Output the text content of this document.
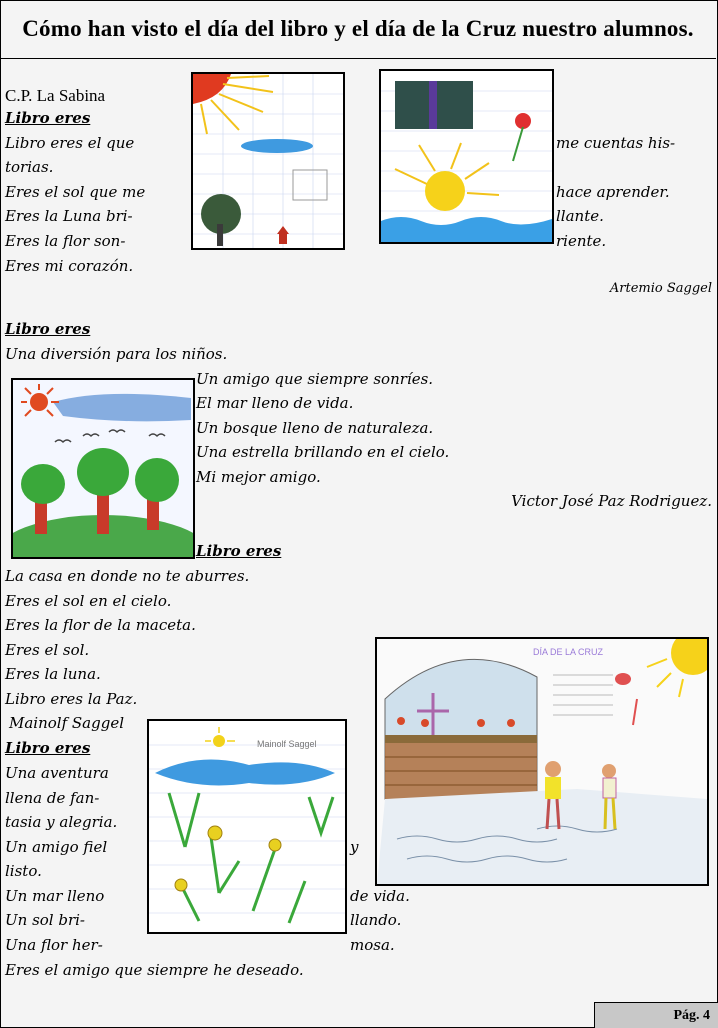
Cómo han visto el día del libro y el día de la Cruz nuestro alumnos.
C.P. La Sabina
Libro eres
Libro eres el que
torias.
Eres el sol que me
Eres la Luna bri-
Eres la flor son-
Eres mi corazón.
me cuentas his-
hace aprender.
llante.
riente.
Artemio Saggel
Libro eres
Una diversión para los niños.
Un amigo que siempre sonríes.
El mar lleno de vida.
Un bosque lleno de naturaleza.
Una estrella brillando en el cielo.
Mi mejor amigo.
Victor José Paz Rodriguez.
Libro eres
La casa en donde no te aburres.
Eres el sol en el cielo.
Eres la flor de la maceta.
Eres el sol.
Eres la luna.
Libro eres la Paz.
Mainolf Saggel
DÍA DE LA CRUZ
Libro eres
Una aventura
llena de fan-
tasia y alegria.
Un amigo fiel
listo.
Un mar lleno
Un sol bri-
Una flor her-
Eres el amigo que siempre he deseado.
y
de vida.
llando.
mosa.
Mainolf Saggel
Pág. 4
